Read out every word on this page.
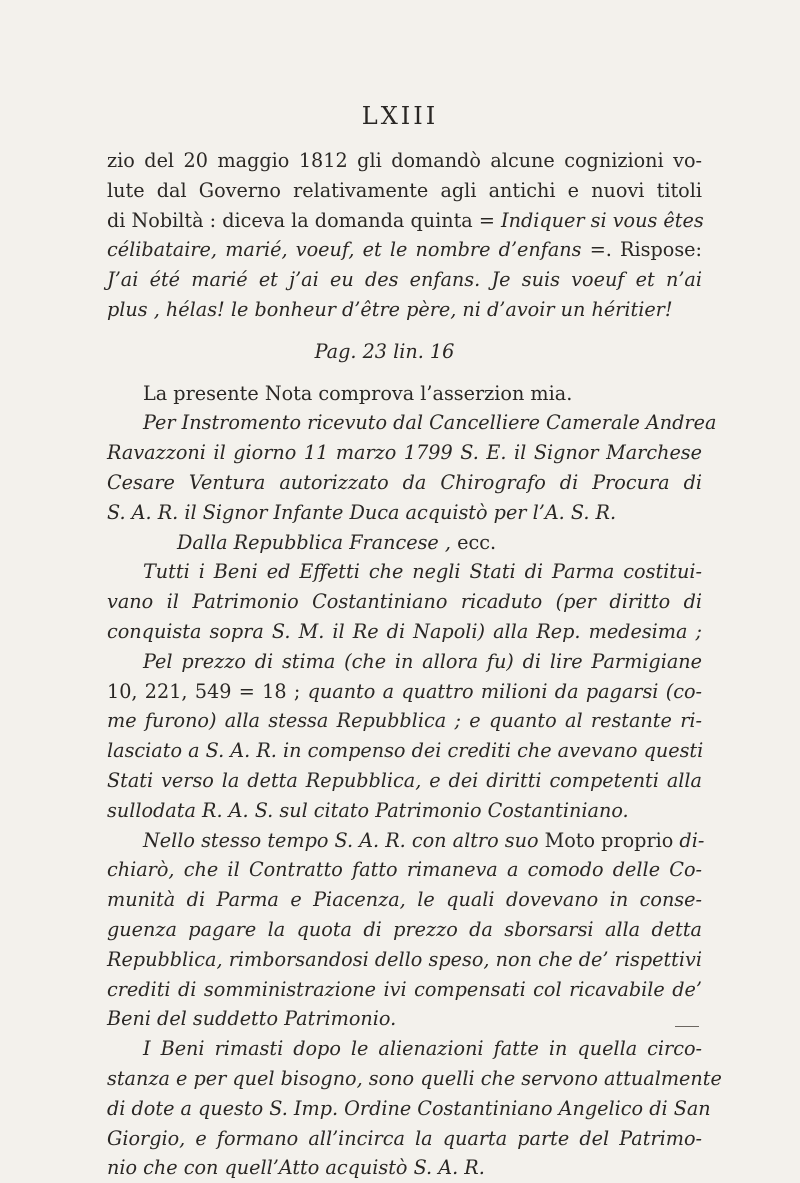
LXIII
zio del 20 maggio 1812 gli domandò alcune cognizioni vo-
lute dal Governo relativamente agli antichi e nuovi titoli
di Nobiltà : diceva la domanda quinta = Indiquer si vous êtes
célibataire, marié, voeuf, et le nombre d’enfans =. Rispose:
J’ai été marié et j’ai eu des enfans. Je suis voeuf et n’ai
plus , hélas! le bonheur d’être père, ni d’avoir un héritier!
Pag. 23 lin. 16
La presente Nota comprova l’asserzion mia.
Per Instromento ricevuto dal Cancelliere Camerale Andrea
Ravazzoni il giorno 11 marzo 1799 S. E. il Signor Marchese
Cesare Ventura autorizzato da Chirografo di Procura di
S. A. R. il Signor Infante Duca acquistò per l’A. S. R.
Dalla Repubblica Francese , ecc.
Tutti i Beni ed Effetti che negli Stati di Parma costitui-
vano il Patrimonio Costantiniano ricaduto (per diritto di
conquista sopra S. M. il Re di Napoli) alla Rep. medesima ;
Pel prezzo di stima (che in allora fu) di lire Parmigiane
10, 221, 549 = 18 ; quanto a quattro milioni da pagarsi (co-
me furono) alla stessa Repubblica ; e quanto al restante ri-
lasciato a S. A. R. in compenso dei crediti che avevano questi
Stati verso la detta Repubblica, e dei diritti competenti alla
sullodata R. A. S. sul citato Patrimonio Costantiniano.
Nello stesso tempo S. A. R. con altro suo Moto proprio di-
chiarò, che il Contratto fatto rimaneva a comodo delle Co-
munità di Parma e Piacenza, le quali dovevano in conse-
guenza pagare la quota di prezzo da sborsarsi alla detta
Repubblica, rimborsandosi dello speso, non che de’ rispettivi
crediti di somministrazione ivi compensati col ricavabile de’
Beni del suddetto Patrimonio.
I Beni rimasti dopo le alienazioni fatte in quella circo-
stanza e per quel bisogno, sono quelli che servono attualmente
di dote a questo S. Imp. Ordine Costantiniano Angelico di San
Giorgio, e formano all’incirca la quarta parte del Patrimo-
nio che con quell’Atto acquistò S. A. R.
